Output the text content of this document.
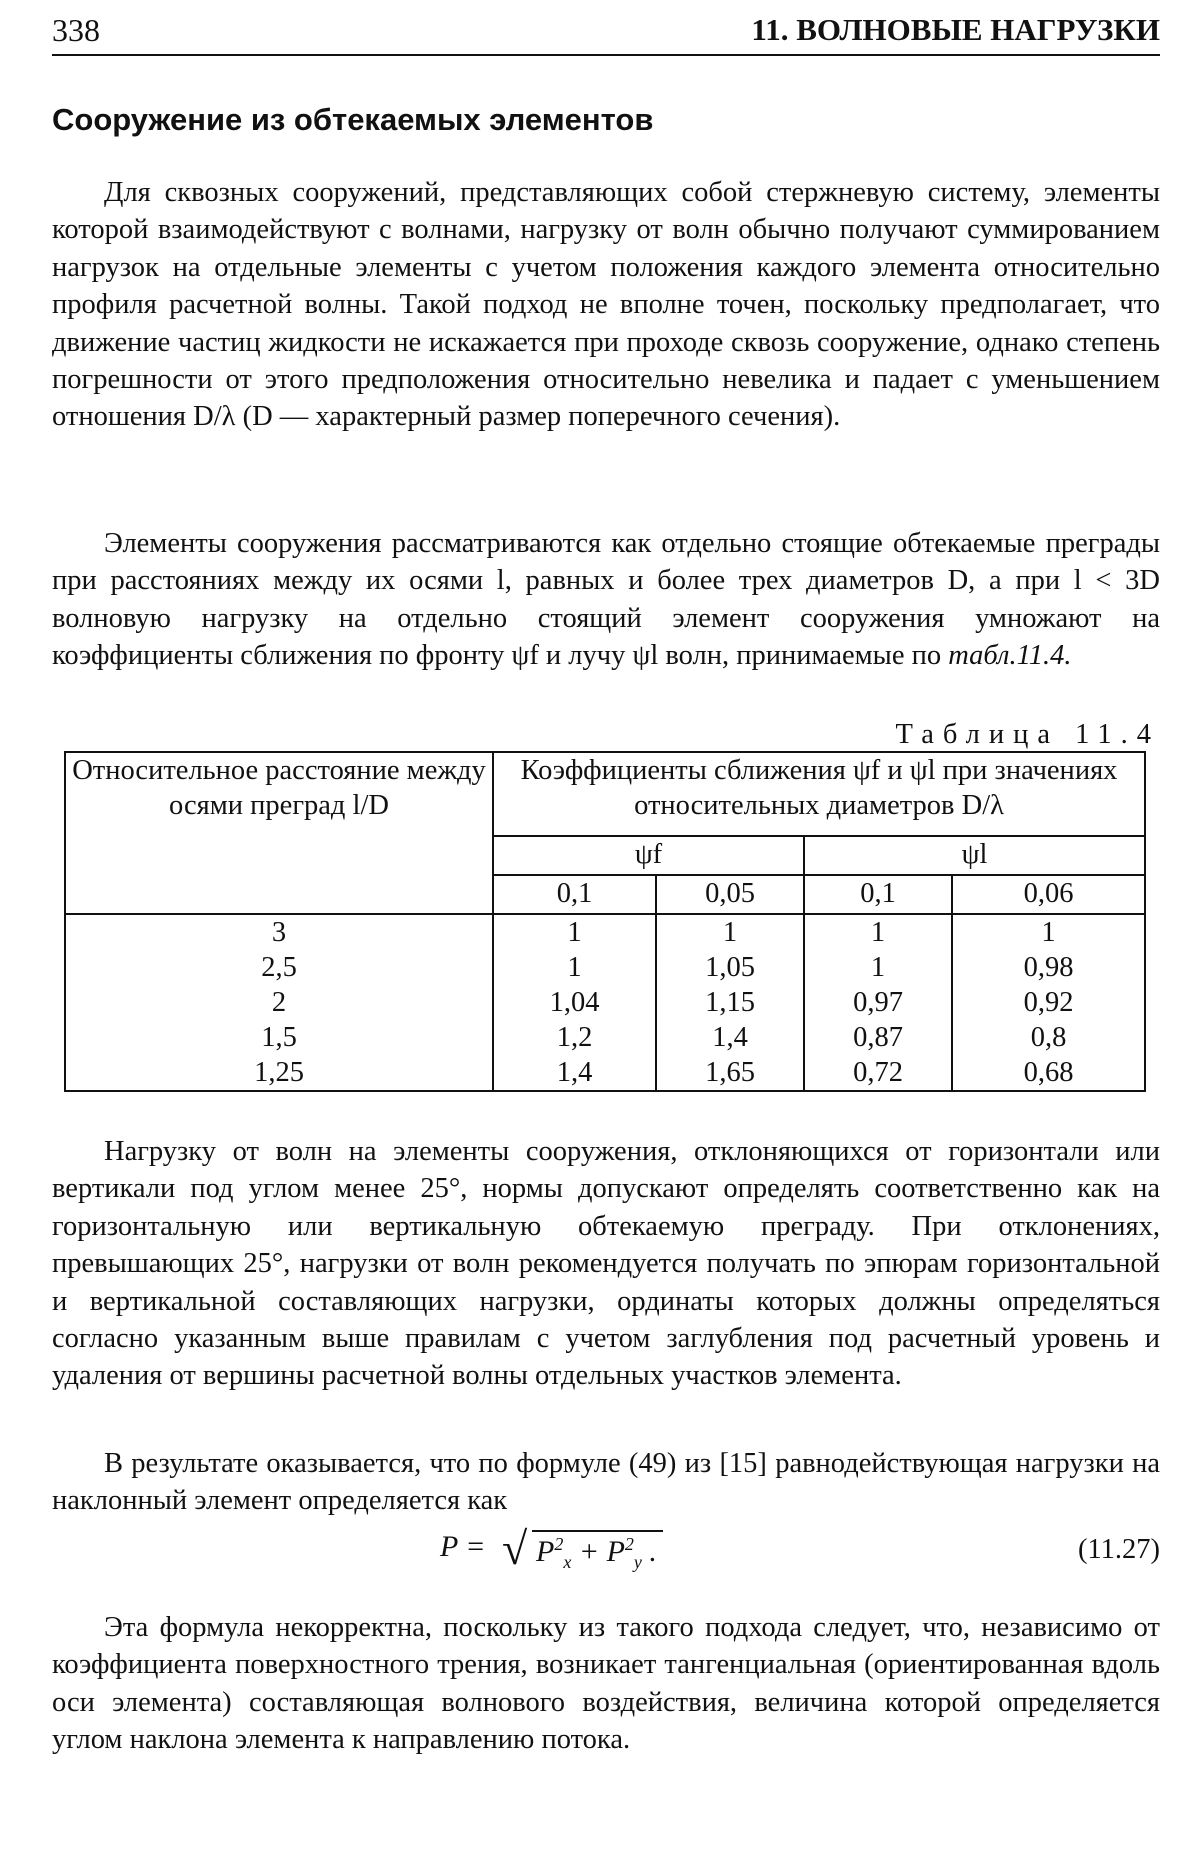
338	11. ВОЛНОВЫЕ НАГРУЗКИ
Сооружение из обтекаемых элементов

Для сквозных сооружений, представляющих собой стержневую систему, элементы которой взаимодействуют с волнами, нагрузку от волн обычно получают суммированием нагрузок на отдельные элементы с учетом положения каждого элемента относительно профиля расчетной волны. Такой подход не вполне точен, поскольку предполагает, что движение частиц жидкости не искажается при проходе сквозь сооружение, однако степень погрешности от этого предположения относительно невелика и падает с уменьшением отношения D/λ (D — характерный размер поперечного сечения).

Элементы сооружения рассматриваются как отдельно стоящие обтекаемые преграды при расстояниях между их осями l, равных и более трех диаметров D, а при l < 3D волновую нагрузку на отдельно стоящий элемент сооружения умножают на коэффициенты сближения по фронту ψf и лучу ψl волн, принимаемые по табл.11.4.

Таблица 11.4
Относительное расстояние между осями преград l/D	Коэффициенты сближения ψf и ψl при значениях относительных диаметров D/λ			
	ψf		ψl	
	0,1	0,05	0,1	0,06
3	1	1	1	1
2,5	1	1,05	1	0,98
2	1,04	1,15	0,97	0,92
1,5	1,2	1,4	0,87	0,8
1,25	1,4	1,65	0,72	0,68

Нагрузку от волн на элементы сооружения, отклоняющихся от горизонтали или вертикали под углом менее 25°, нормы допускают определять соответственно как на горизонтальную или вертикальную обтекаемую преграду. При отклонениях, превышающих 25°, нагрузки от волн рекомендуется получать по эпюрам горизонтальной и вертикальной составляющих нагрузки, ординаты которых должны определяться согласно указанным выше правилам с учетом заглубления под расчетный уровень и удаления от вершины расчетной волны отдельных участков элемента.

В результате оказывается, что по формуле (49) из [15] равнодействующая нагрузки на наклонный элемент определяется как

P = √ $P^2_x + P^2_y$ .	(11.27)

Эта формула некорректна, поскольку из такого подхода следует, что, независимо от коэффициента поверхностного трения, возникает тангенциальная (ориентированная вдоль оси элемента) составляющая волнового воздействия, величина которой определяется углом наклона элемента к направлению потока.
